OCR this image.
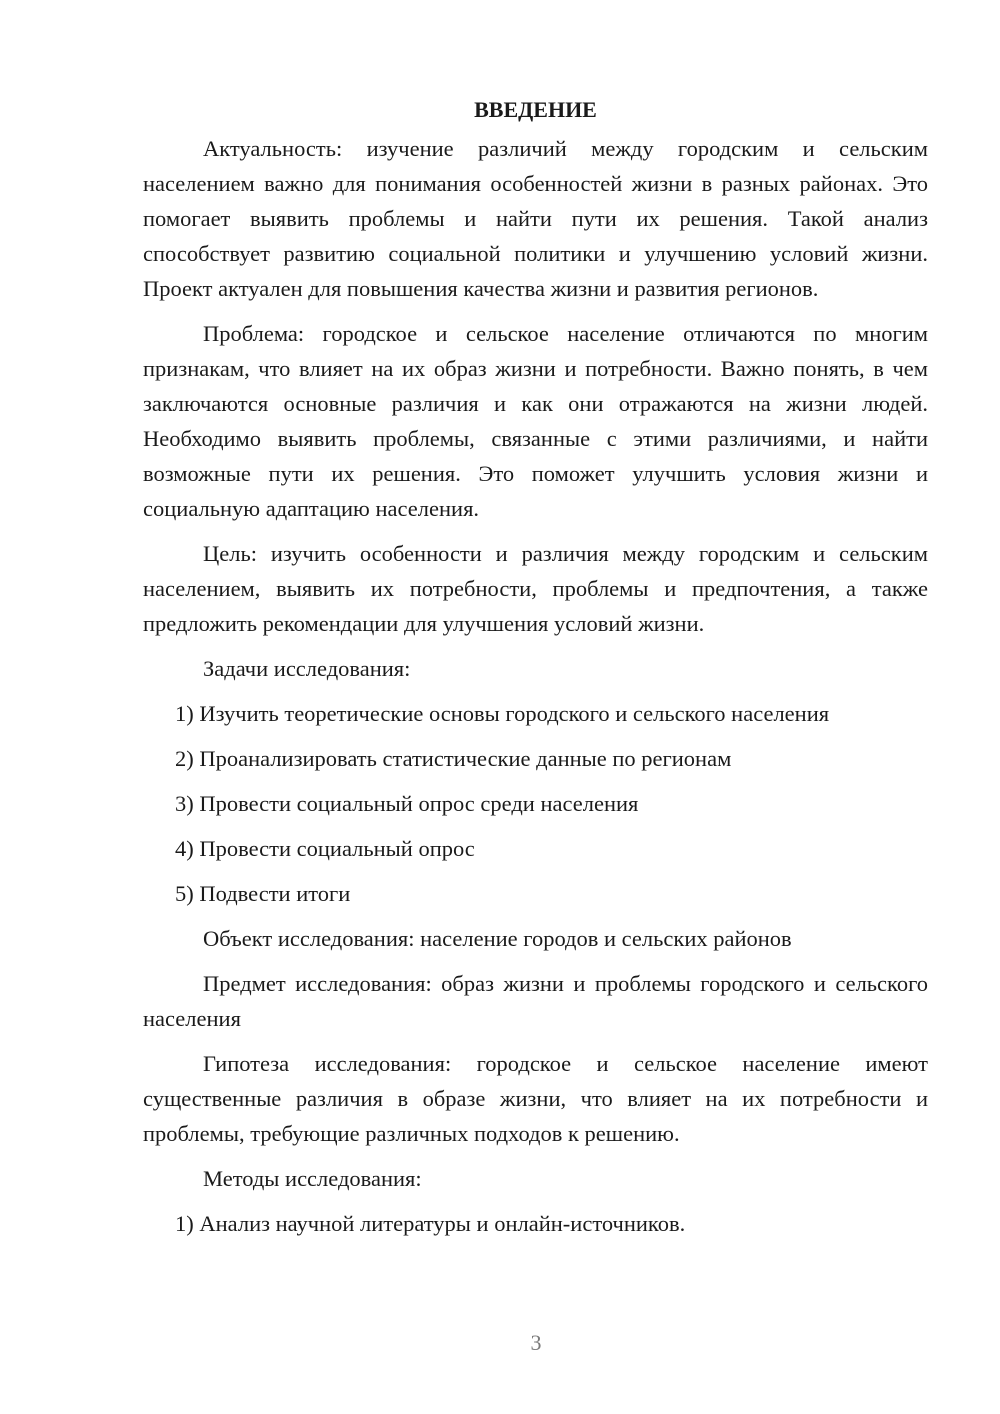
ВВЕДЕНИЕ

Актуальность: изучение различий между городским и сельским населением важно для понимания особенностей жизни в разных районах. Это помогает выявить проблемы и найти пути их решения. Такой анализ способствует развитию социальной политики и улучшению условий жизни. Проект актуален для повышения качества жизни и развития регионов.

Проблема: городское и сельское население отличаются по многим признакам, что влияет на их образ жизни и потребности. Важно понять, в чем заключаются основные различия и как они отражаются на жизни людей. Необходимо выявить проблемы, связанные с этими различиями, и найти возможные пути их решения. Это поможет улучшить условия жизни и социальную адаптацию населения.

Цель: изучить особенности и различия между городским и сельским населением, выявить их потребности, проблемы и предпочтения, а также предложить рекомендации для улучшения условий жизни.

Задачи исследования:

1) Изучить теоретические основы городского и сельского населения

2) Проанализировать статистические данные по регионам

3) Провести социальный опрос среди населения

4) Провести социальный опрос

5) Подвести итоги

Объект исследования: население городов и сельских районов

Предмет исследования: образ жизни и проблемы городского и сельского населения

Гипотеза исследования: городское и сельское население имеют существенные различия в образе жизни, что влияет на их потребности и проблемы, требующие различных подходов к решению.

Методы исследования:

1) Анализ научной литературы и онлайн-источников.

3
